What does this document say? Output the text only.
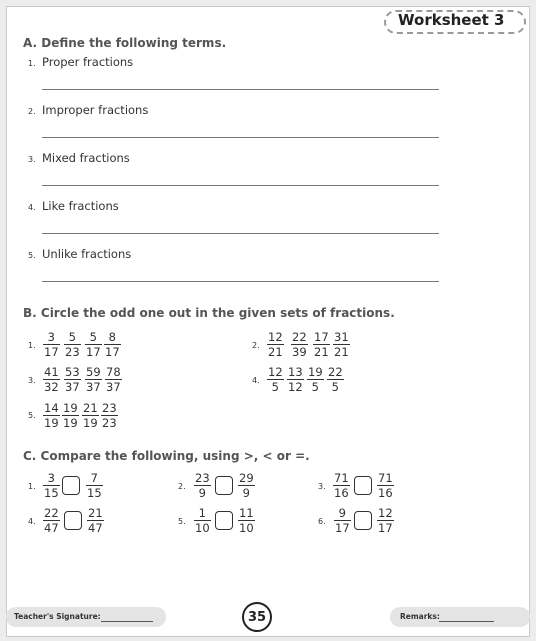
Worksheet 3
A. Define the following terms.
1. Proper fractions
2. Improper fractions
3. Mixed fractions
4. Like fractions
5. Unlike fractions
B. Circle the odd one out in the given sets of fractions.
1.
3
17
5
23
5
17
8
17	2.
12
21
22
39
17
21
31
21
3.
41
32
53
37
59
37
78
37	4.
12
5
13
12
19
5
22
5
5.
14
19
19
19
21
19
23
23
C. Compare the following, using >, < or =.
1.
3
15
7
15	2.
23
9
29
9	3.
71
16
71
16
4.
22
47
21
47	5.
1
10
11
10	6.
9
17
12
17
Teacher's Signature:	35	Remarks:
